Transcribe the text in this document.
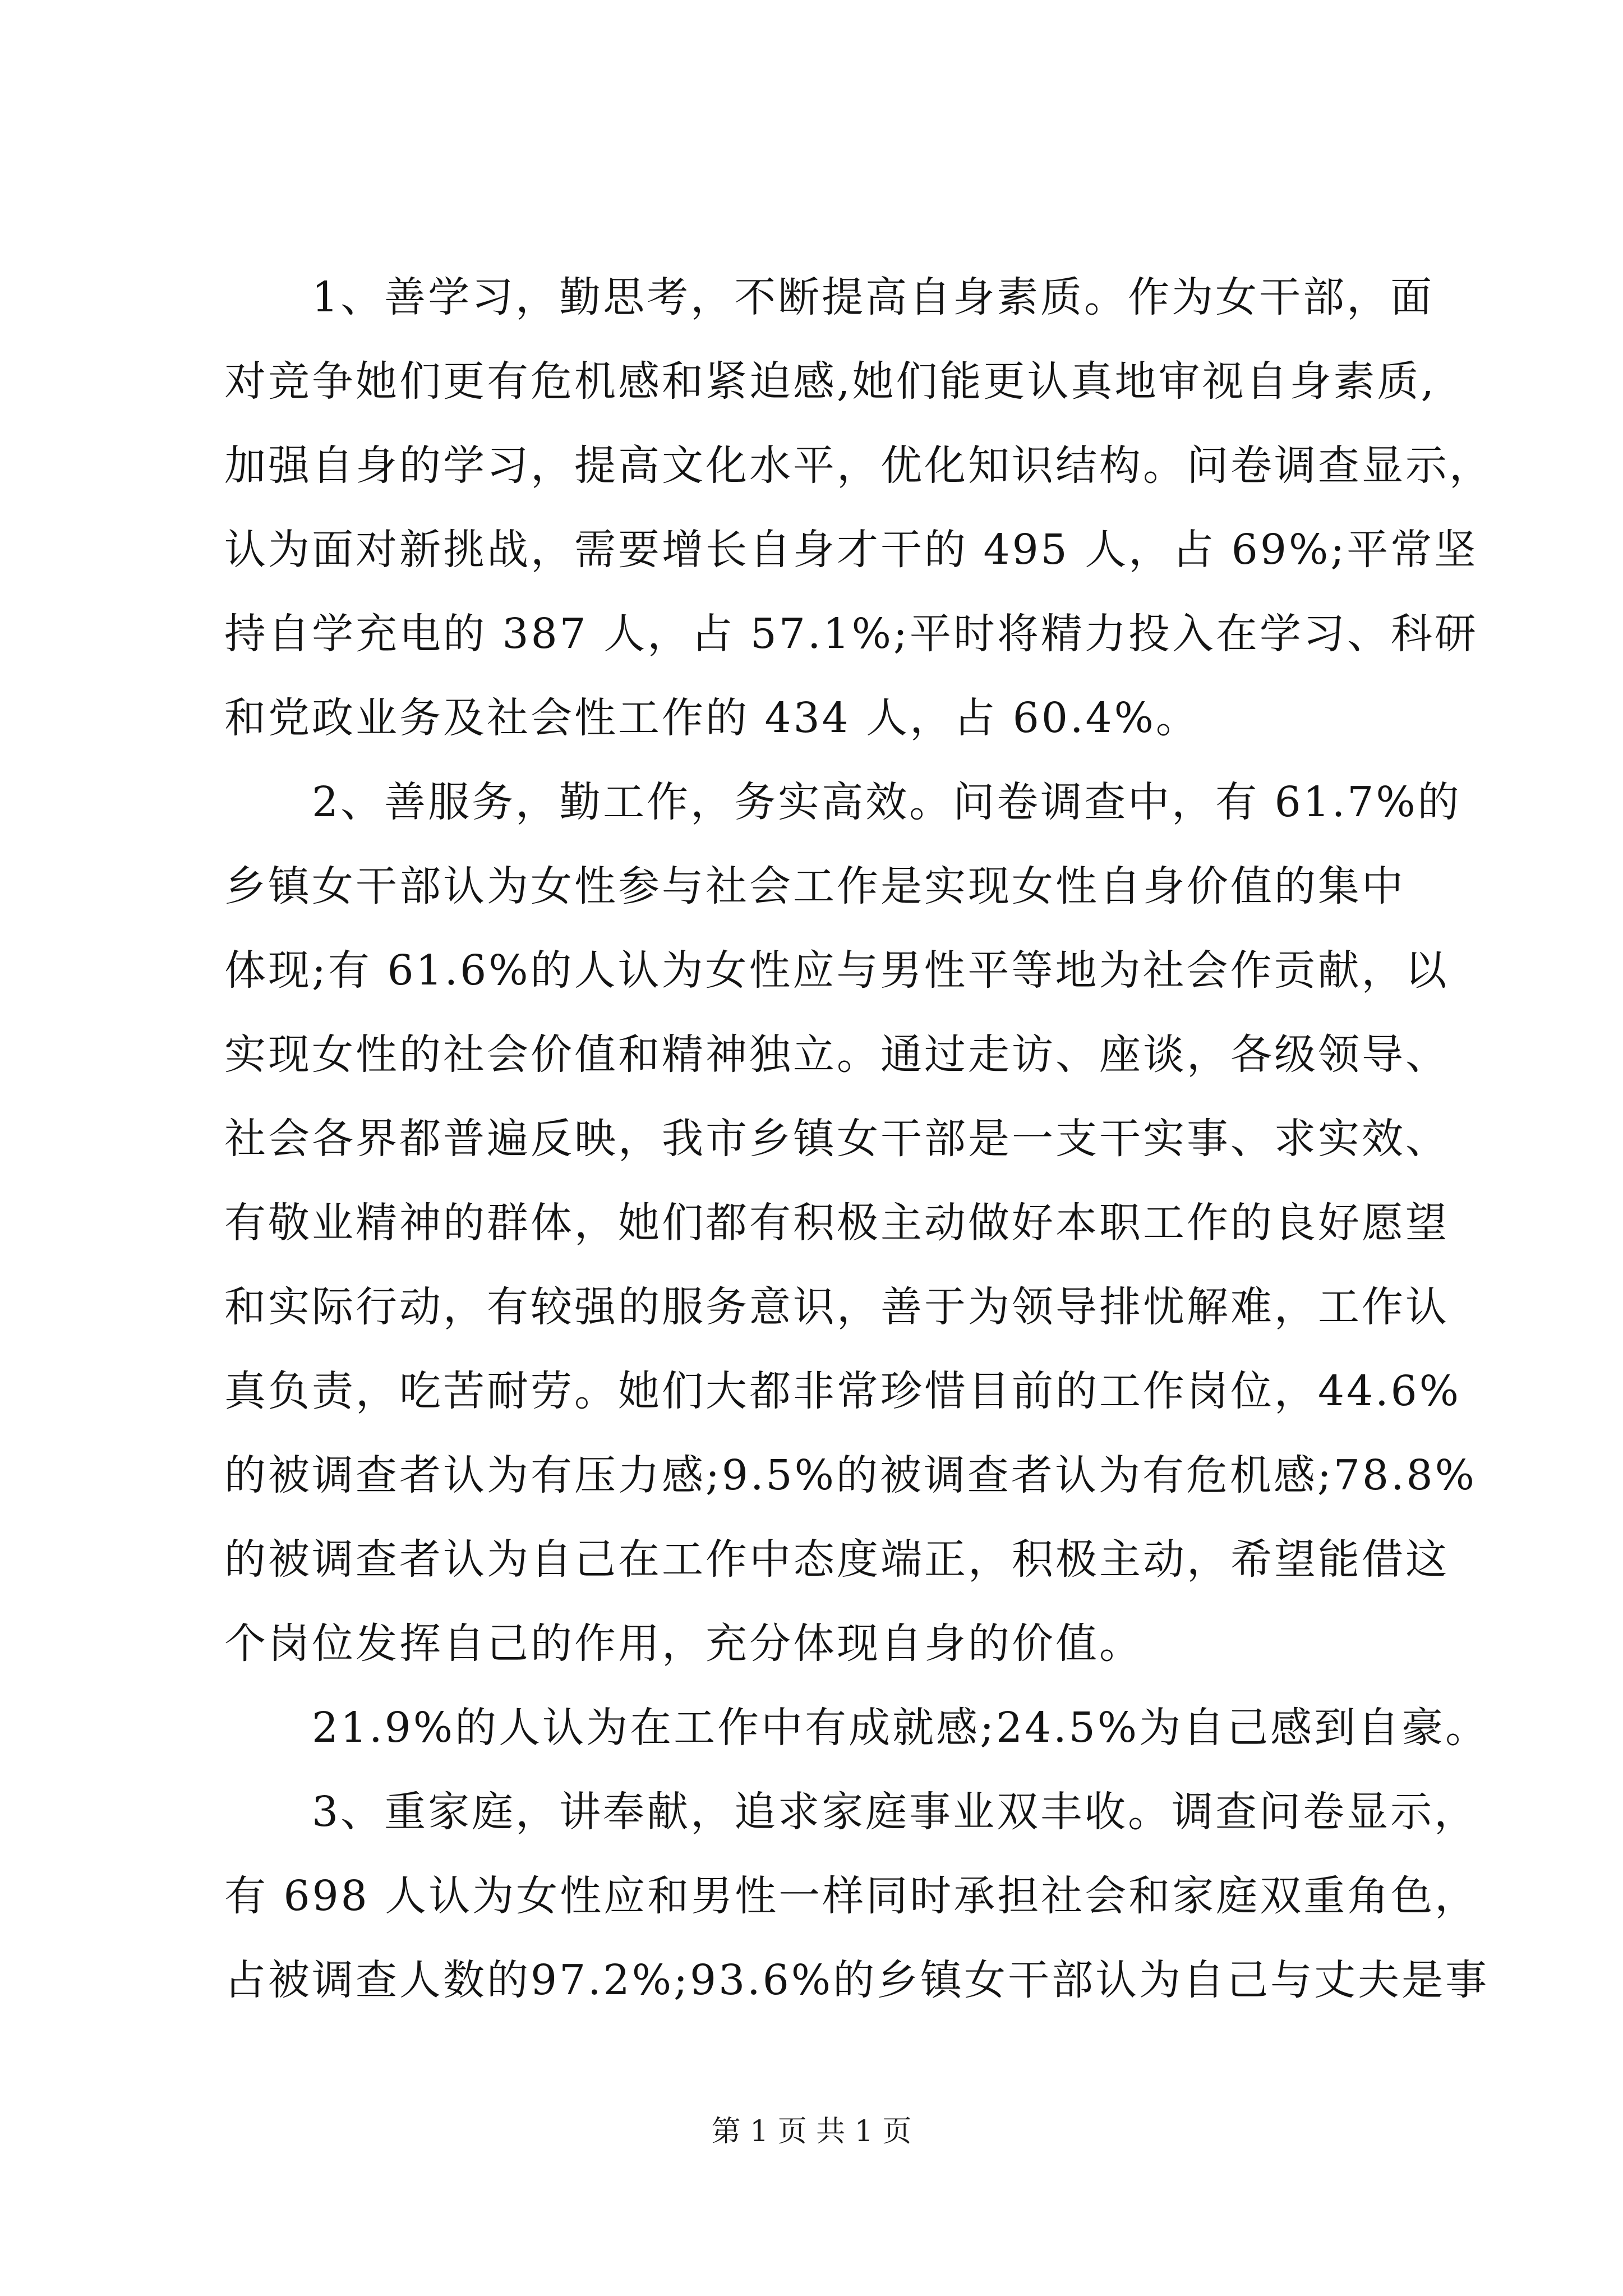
　　1、善学习，勤思考，不断提高自身素质。作为女干部，面
对竞争她们更有危机感和紧迫感,她们能更认真地审视自身素质,
加强自身的学习，提高文化水平，优化知识结构。问卷调查显示，
认为面对新挑战，需要增长自身才干的 495 人，占 69%;平常坚
持自学充电的 387 人，占 57.1%;平时将精力投入在学习、科研
和党政业务及社会性工作的 434 人，占 60.4%。
　　2、善服务，勤工作，务实高效。问卷调查中，有 61.7%的
乡镇女干部认为女性参与社会工作是实现女性自身价值的集中
体现;有 61.6%的人认为女性应与男性平等地为社会作贡献，以
实现女性的社会价值和精神独立。通过走访、座谈，各级领导、
社会各界都普遍反映，我市乡镇女干部是一支干实事、求实效、
有敬业精神的群体，她们都有积极主动做好本职工作的良好愿望
和实际行动，有较强的服务意识，善于为领导排忧解难，工作认
真负责，吃苦耐劳。她们大都非常珍惜目前的工作岗位，44.6%
的被调查者认为有压力感;9.5%的被调查者认为有危机感;78.8%
的被调查者认为自己在工作中态度端正，积极主动，希望能借这
个岗位发挥自己的作用，充分体现自身的价值。
　　21.9%的人认为在工作中有成就感;24.5%为自己感到自豪。
　　3、重家庭，讲奉献，追求家庭事业双丰收。调查问卷显示，
有 698 人认为女性应和男性一样同时承担社会和家庭双重角色，
占被调查人数的97.2%;93.6%的乡镇女干部认为自己与丈夫是事
第 1 页 共 1 页
